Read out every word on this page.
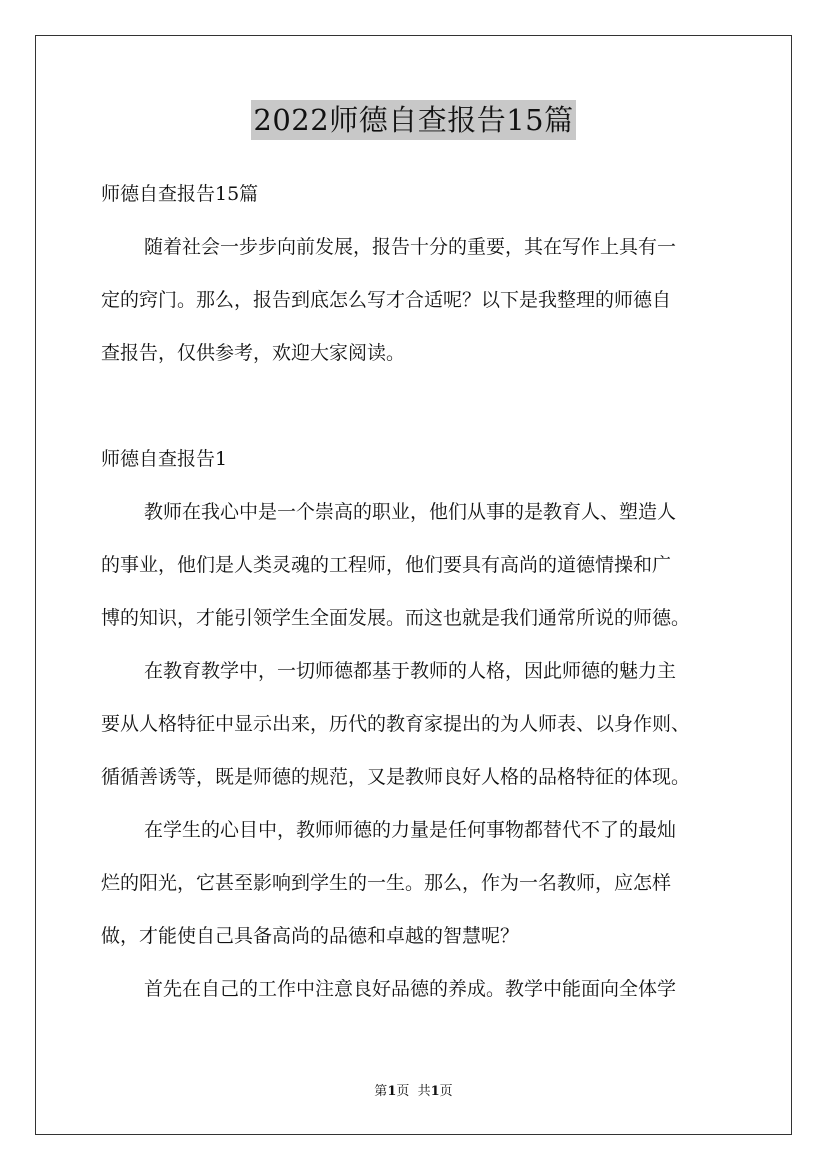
2022师德自查报告15篇
师德自查报告15篇
随着社会一步步向前发展，报告十分的重要，其在写作上具有一
定的窍门。那么，报告到底怎么写才合适呢？以下是我整理的师德自
查报告，仅供参考，欢迎大家阅读。
师德自查报告1
教师在我心中是一个崇高的职业，他们从事的是教育人、塑造人
的事业，他们是人类灵魂的工程师，他们要具有高尚的道德情操和广
博的知识，才能引领学生全面发展。而这也就是我们通常所说的师德。
在教育教学中，一切师德都基于教师的人格，因此师德的魅力主
要从人格特征中显示出来，历代的教育家提出的为人师表、以身作则、
循循善诱等，既是师德的规范，又是教师良好人格的品格特征的体现。
在学生的心目中，教师师德的力量是任何事物都替代不了的最灿
烂的阳光，它甚至影响到学生的一生。那么，作为一名教师，应怎样
做，才能使自己具备高尚的品德和卓越的智慧呢？
首先在自己的工作中注意良好品德的养成。教学中能面向全体学
第1页  共1页
